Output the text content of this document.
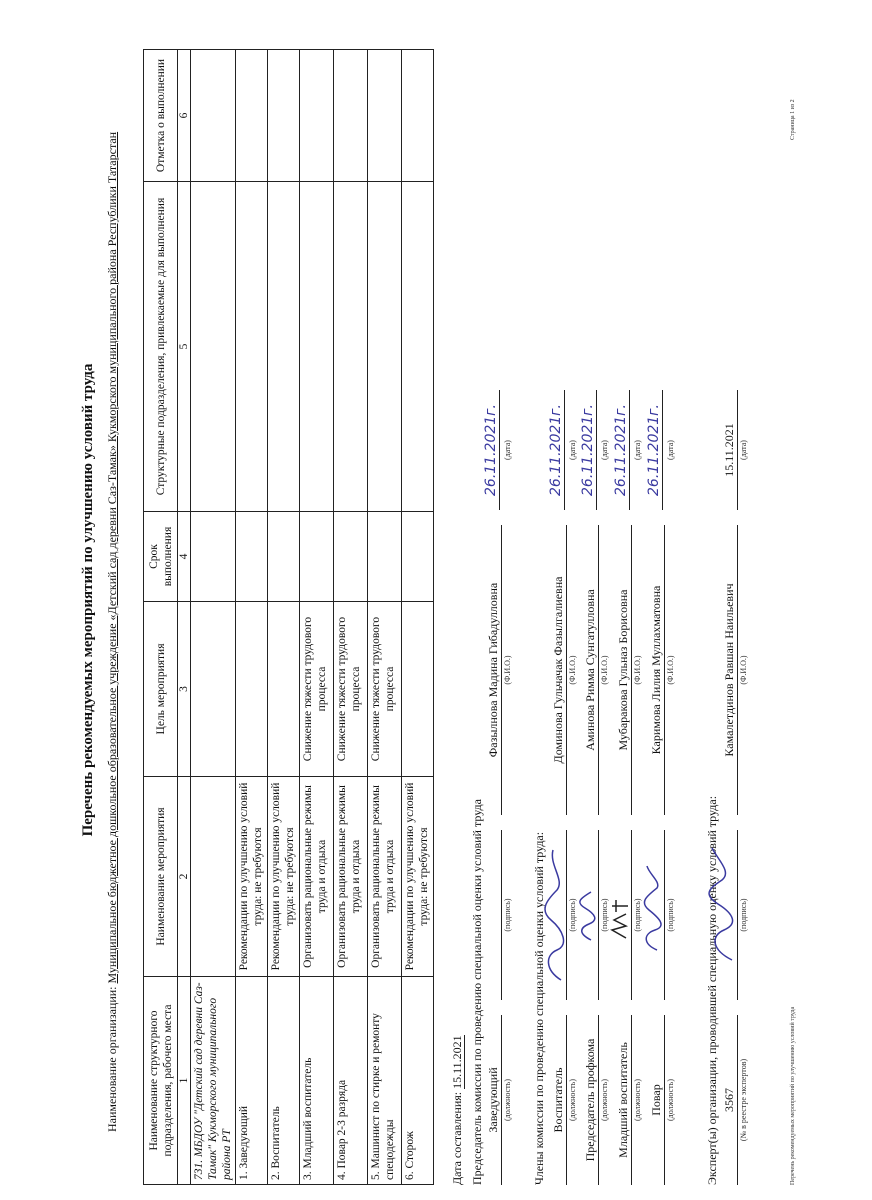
Перечень рекомендуемых мероприятий по улучшению условий труда
Наименование организации: Муниципальное бюджетное дошкольное образовательное учреждение «Детский сад деревни Саз-Тамак» Кукморского муниципального района Республики Татарстан
Наименование структурного подразделения, рабочего места	Наименование мероприятия	Цель мероприятия	Срок выполнения	Структурные подразделения, привлекаемые для выполнения	Отметка о выполнении
1	2	3	4	5	6
731. МБДОУ "Детский сад деревни Саз-Тамак" Кукморского муниципального района РТ					
1. Заведующий	Рекомендации по улучшению условий труда: не требуются				
2. Воспитатель	Рекомендации по улучшению условий труда: не требуются				
3. Младший воспитатель	Организовать рациональные режимы труда и отдыха	Снижение тяжести трудового процесса			
4. Повар 2-3 разряда	Организовать рациональные режимы труда и отдыха	Снижение тяжести трудового процесса			
5. Машинист по стирке и ремонту спецодежды	Организовать рациональные режимы труда и отдыха	Снижение тяжести трудового процесса			
6. Сторож	Рекомендации по улучшению условий труда: не требуются				
Дата составления: 15.11.2021 Председатель комиссии по проведению специальной оценки условий труда Заведующий (должность)
(подпись)
Фазылнова Мадина Гибадулловна (Ф.И.О.)
26.11.2021г. (дата)
Члены комиссии по проведению специальной оценки условий труда: Воспитатель (должность)
(подпись)
Доминова Гульчачак Фазылгалиевна (Ф.И.О.)
26.11.2021г. (дата)
Председатель профкома (должность)
(подпись)
Аминова Римма Сунгатулловна (Ф.И.О.)
26.11.2021г. (дата)
Младший воспитатель (должность)
(подпись)
Мубаракова Гульназ Борисовна (Ф.И.О.)
26.11.2021г. (дата)
Повар (должность)
(подпись)
Каримова Лилия Муллахматовна (Ф.И.О.)
26.11.2021г. (дата)
Эксперт(ы) организации, проводившей специальную оценку условий труда: 3567 (№ в реестре экспертов)
(подпись)
Камалетдинов Равшан Наильевич (Ф.И.О.)
15.11.2021 (дата)
Перечень рекомендуемых мероприятий по улучшению условий труда
Страница 1 из 2
